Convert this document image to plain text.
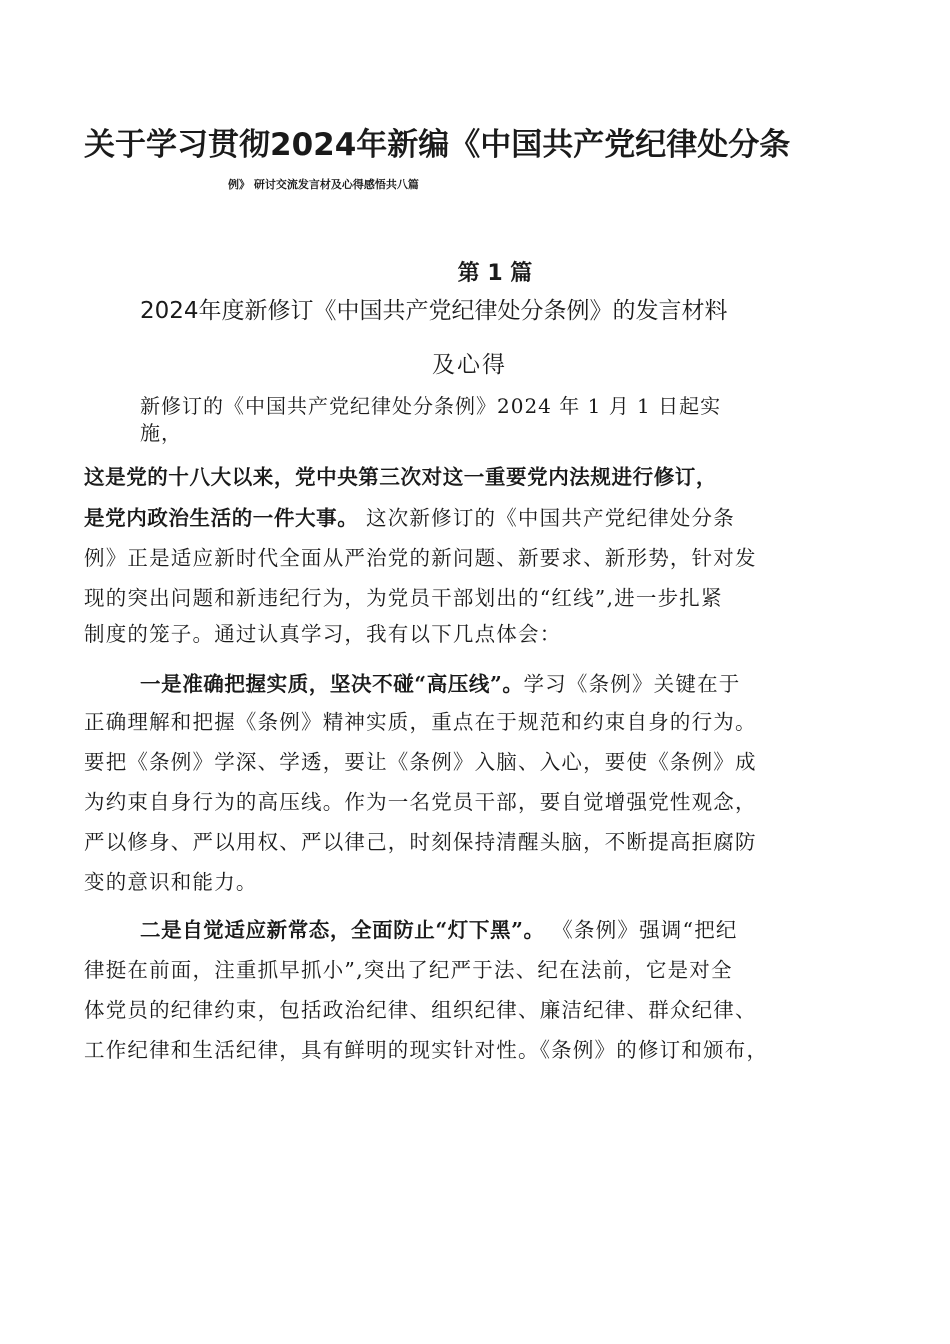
关于学习贯彻2024年新编《中国共产党纪律处分条
例》 研讨交流发言材及心得感悟共八篇
第 1 篇
2024年度新修订《中国共产党纪律处分条例》的发言材料
及心得
新修订的《中国共产党纪律处分条例》2024 年 1 月 1 日起实
施，
这是党的十八大以来，党中央第三次对这一重要党内法规进行修订，
是党内政治生活的一件大事。 这次新修订的《中国共产党纪律处分条
例》正是适应新时代全面从严治党的新问题、新要求、新形势，针对发
现的突出问题和新违纪行为，为党员干部划出的“红线”,进一步扎紧
制度的笼子。通过认真学习，我有以下几点体会：
一是准确把握实质，坚决不碰“高压线”。学习《条例》关键在于
正确理解和把握《条例》精神实质，重点在于规范和约束自身的行为。
要把《条例》学深、学透，要让《条例》入脑、入心，要使《条例》成
为约束自身行为的高压线。作为一名党员干部，要自觉增强党性观念，
严以修身、严以用权、严以律己，时刻保持清醒头脑，不断提高拒腐防
变的意识和能力。
二是自觉适应新常态，全面防止“灯下黑”。 《条例》强调“把纪
律挺在前面，注重抓早抓小”,突出了纪严于法、纪在法前，它是对全
体党员的纪律约束，包括政治纪律、组织纪律、廉洁纪律、群众纪律、
工作纪律和生活纪律，具有鲜明的现实针对性。《条例》的修订和颁布，
